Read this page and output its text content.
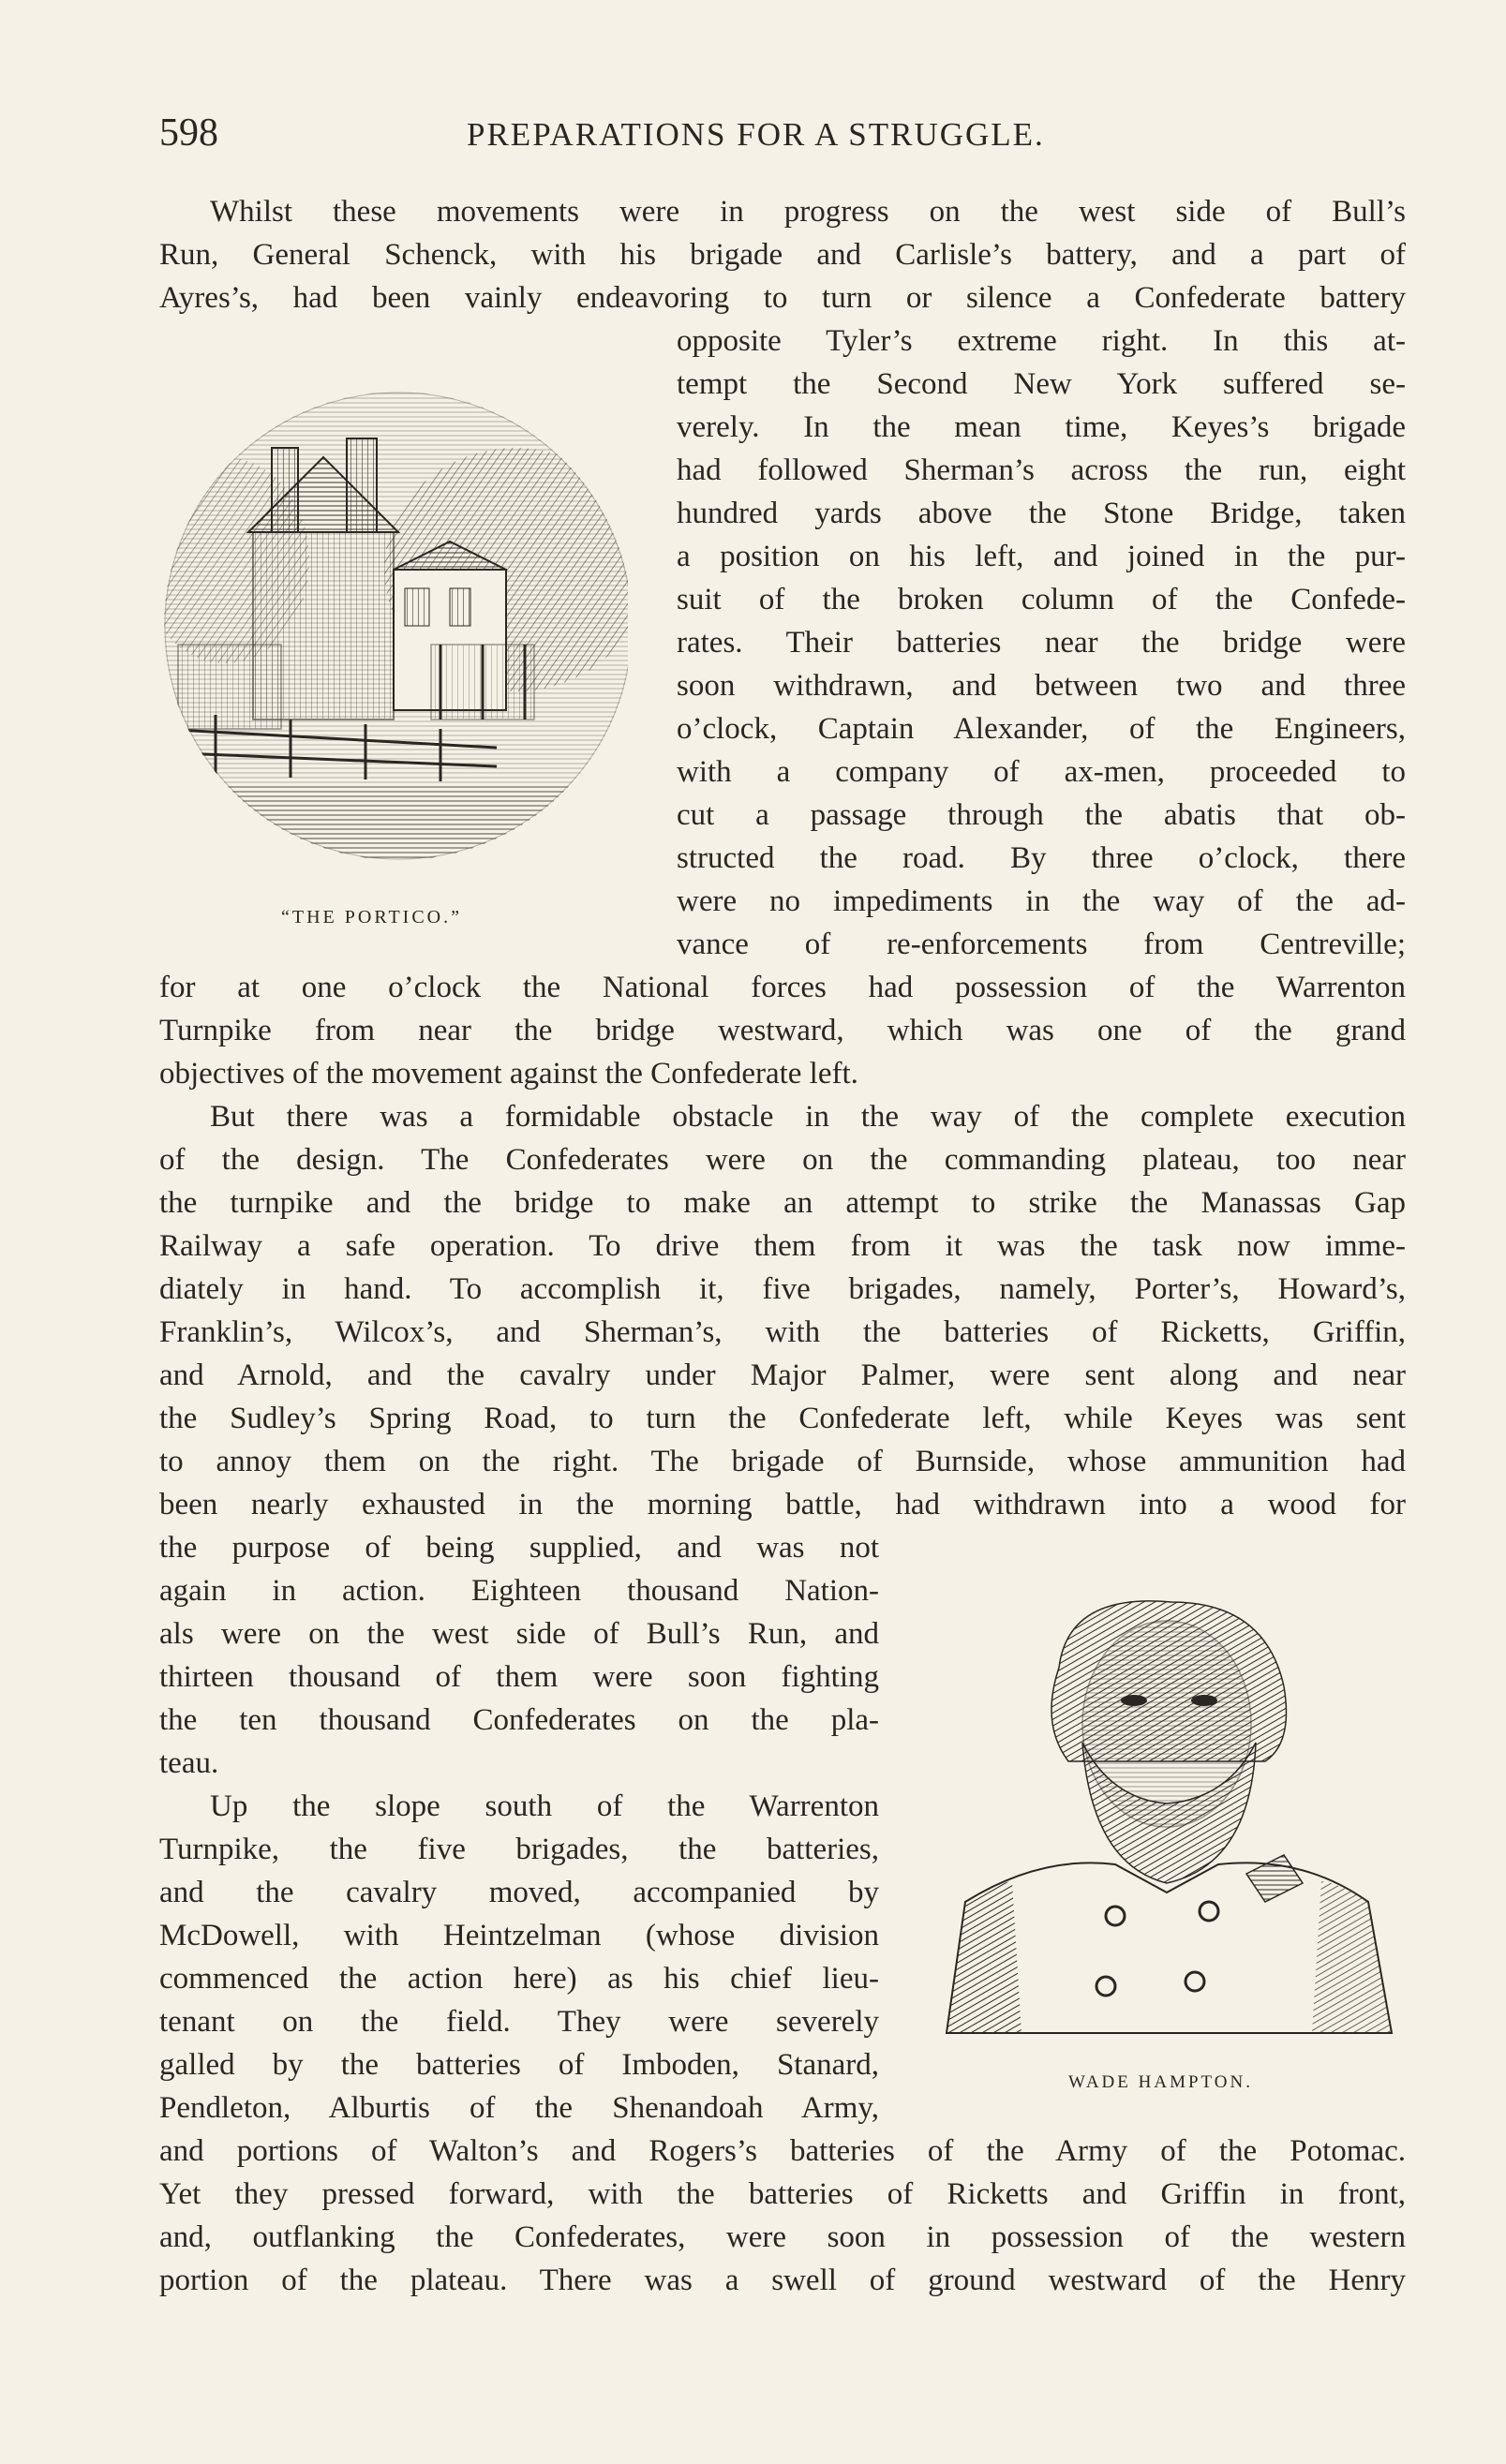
598	PREPARATIONS FOR A STRUGGLE.
“THE PORTICO.”
WADE HAMPTON.
Whilst these movements were in progress on the west side of Bull’s
Run, General Schenck, with his brigade and Carlisle’s battery, and a part of
Ayres’s, had been vainly endeavoring to turn or silence a Confederate battery
opposite Tyler’s extreme right. In this at-
tempt the Second New York suffered se-
verely. In the mean time, Keyes’s brigade
had followed Sherman’s across the run, eight
hundred yards above the Stone Bridge, taken
a position on his left, and joined in the pur-
suit of the broken column of the Confede-
rates. Their batteries near the bridge were
soon withdrawn, and between two and three
o’clock, Captain Alexander, of the Engineers,
with a company of ax-men, proceeded to
cut a passage through the abatis that ob-
structed the road. By three o’clock, there
were no impediments in the way of the ad-
vance of re-enforcements from Centreville;
for at one o’clock the National forces had possession of the Warrenton
Turnpike from near the bridge westward, which was one of the grand
objectives of the movement against the Confederate left.
But there was a formidable obstacle in the way of the complete execution
of the design. The Confederates were on the commanding plateau, too near
the turnpike and the bridge to make an attempt to strike the Manassas Gap
Railway a safe operation. To drive them from it was the task now imme-
diately in hand. To accomplish it, five brigades, namely, Porter’s, Howard’s,
Franklin’s, Wilcox’s, and Sherman’s, with the batteries of Ricketts, Griffin,
and Arnold, and the cavalry under Major Palmer, were sent along and near
the Sudley’s Spring Road, to turn the Confederate left, while Keyes was sent
to annoy them on the right. The brigade of Burnside, whose ammunition had
been nearly exhausted in the morning battle, had withdrawn into a wood for
the purpose of being supplied, and was not
again in action. Eighteen thousand Nation-
als were on the west side of Bull’s Run, and
thirteen thousand of them were soon fighting
the ten thousand Confederates on the pla-
teau.
Up the slope south of the Warrenton
Turnpike, the five brigades, the batteries,
and the cavalry moved, accompanied by
McDowell, with Heintzelman (whose division
commenced the action here) as his chief lieu-
tenant on the field. They were severely
galled by the batteries of Imboden, Stanard,
Pendleton, Alburtis of the Shenandoah Army,
and portions of Walton’s and Rogers’s batteries of the Army of the Potomac.
Yet they pressed forward, with the batteries of Ricketts and Griffin in front,
and, outflanking the Confederates, were soon in possession of the western
portion of the plateau. There was a swell of ground westward of the Henry
